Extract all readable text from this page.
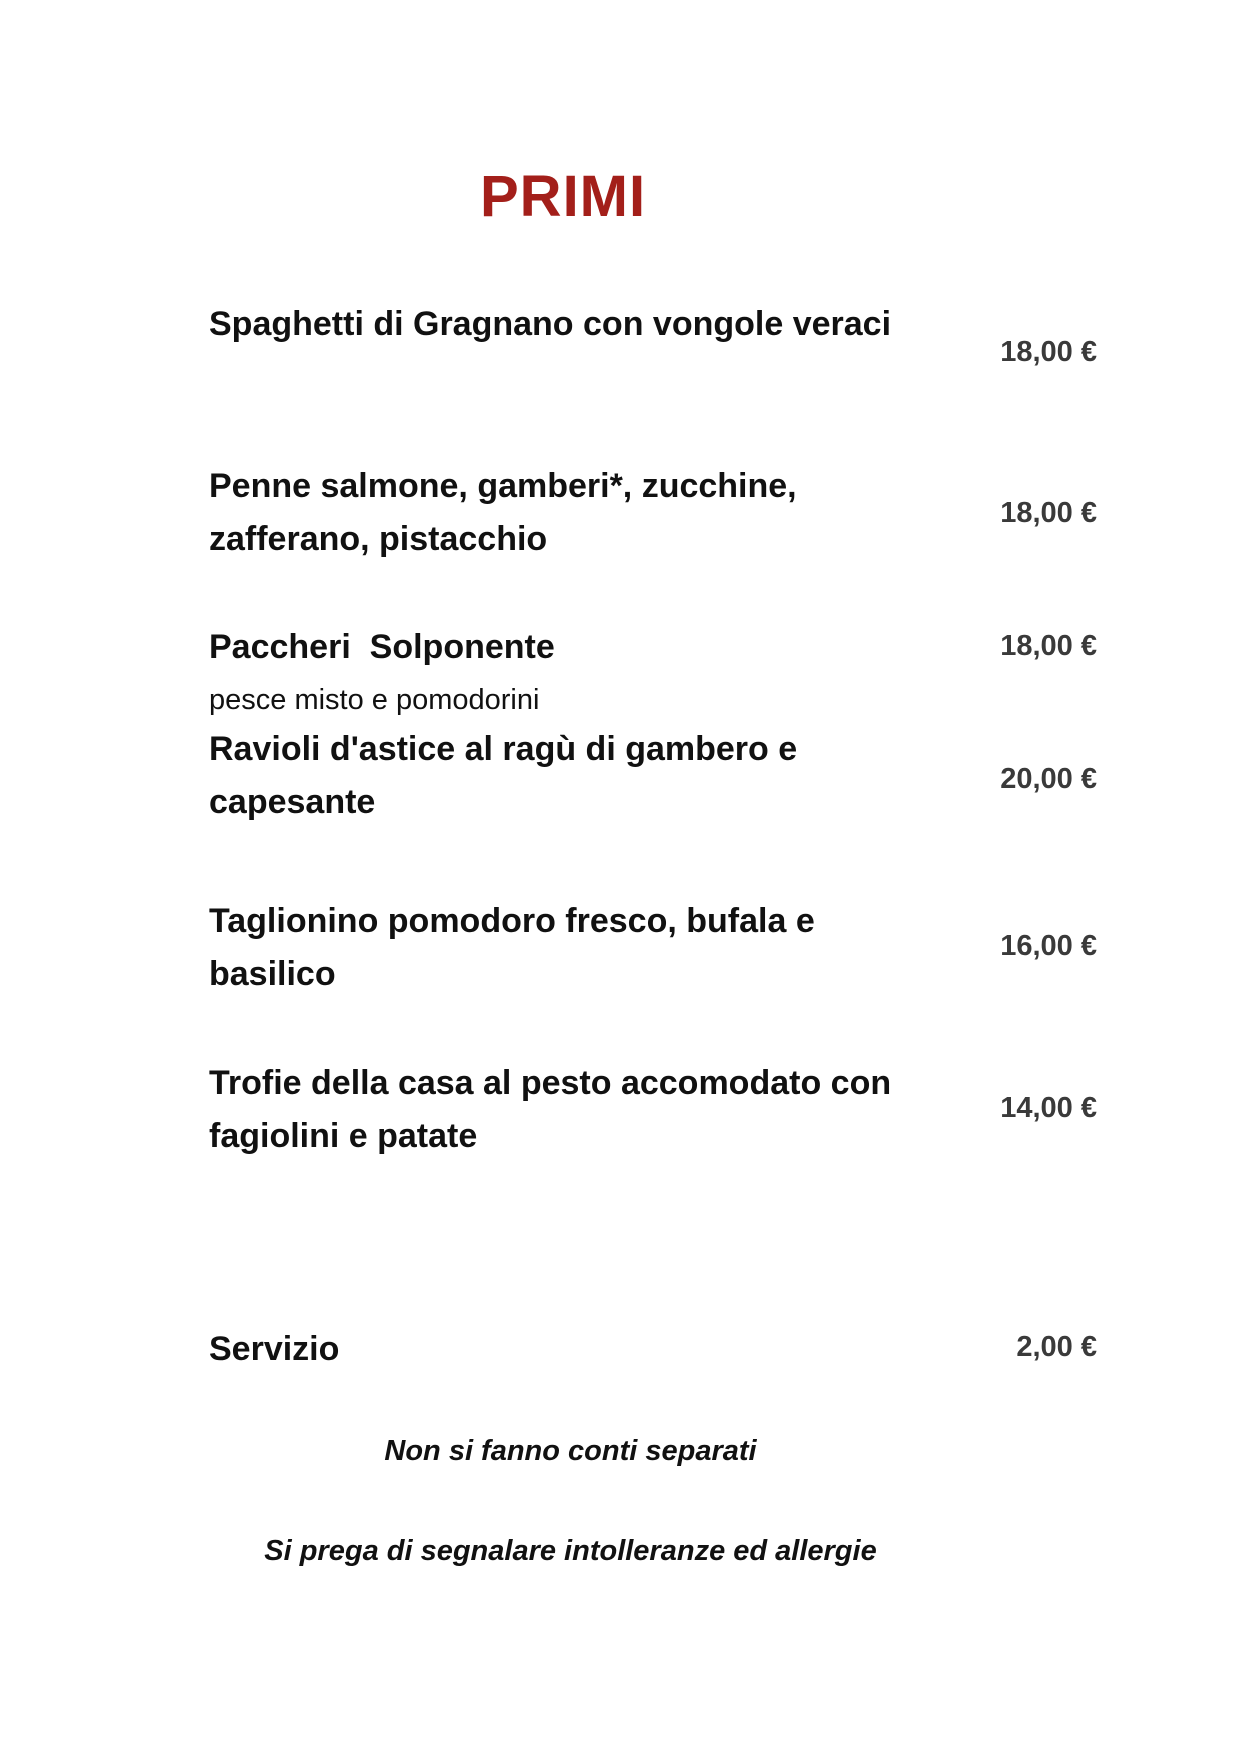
PRIMI

Spaghetti di Gragnano con vongole veraci

18,00 €

Penne salmone, gamberi*, zucchine,
zafferano, pistacchio

18,00 €

Paccheri  Solponente

pesce misto e pomodorini

18,00 €

Ravioli d'astice al ragù di gambero e
capesante

20,00 €

Taglionino pomodoro fresco, bufala e
basilico

16,00 €

Trofie della casa al pesto accomodato con
fagiolini e patate

14,00 €

Servizio	2,00 €

Non si fanno conti separati

Si prega di segnalare intolleranze ed allergie
